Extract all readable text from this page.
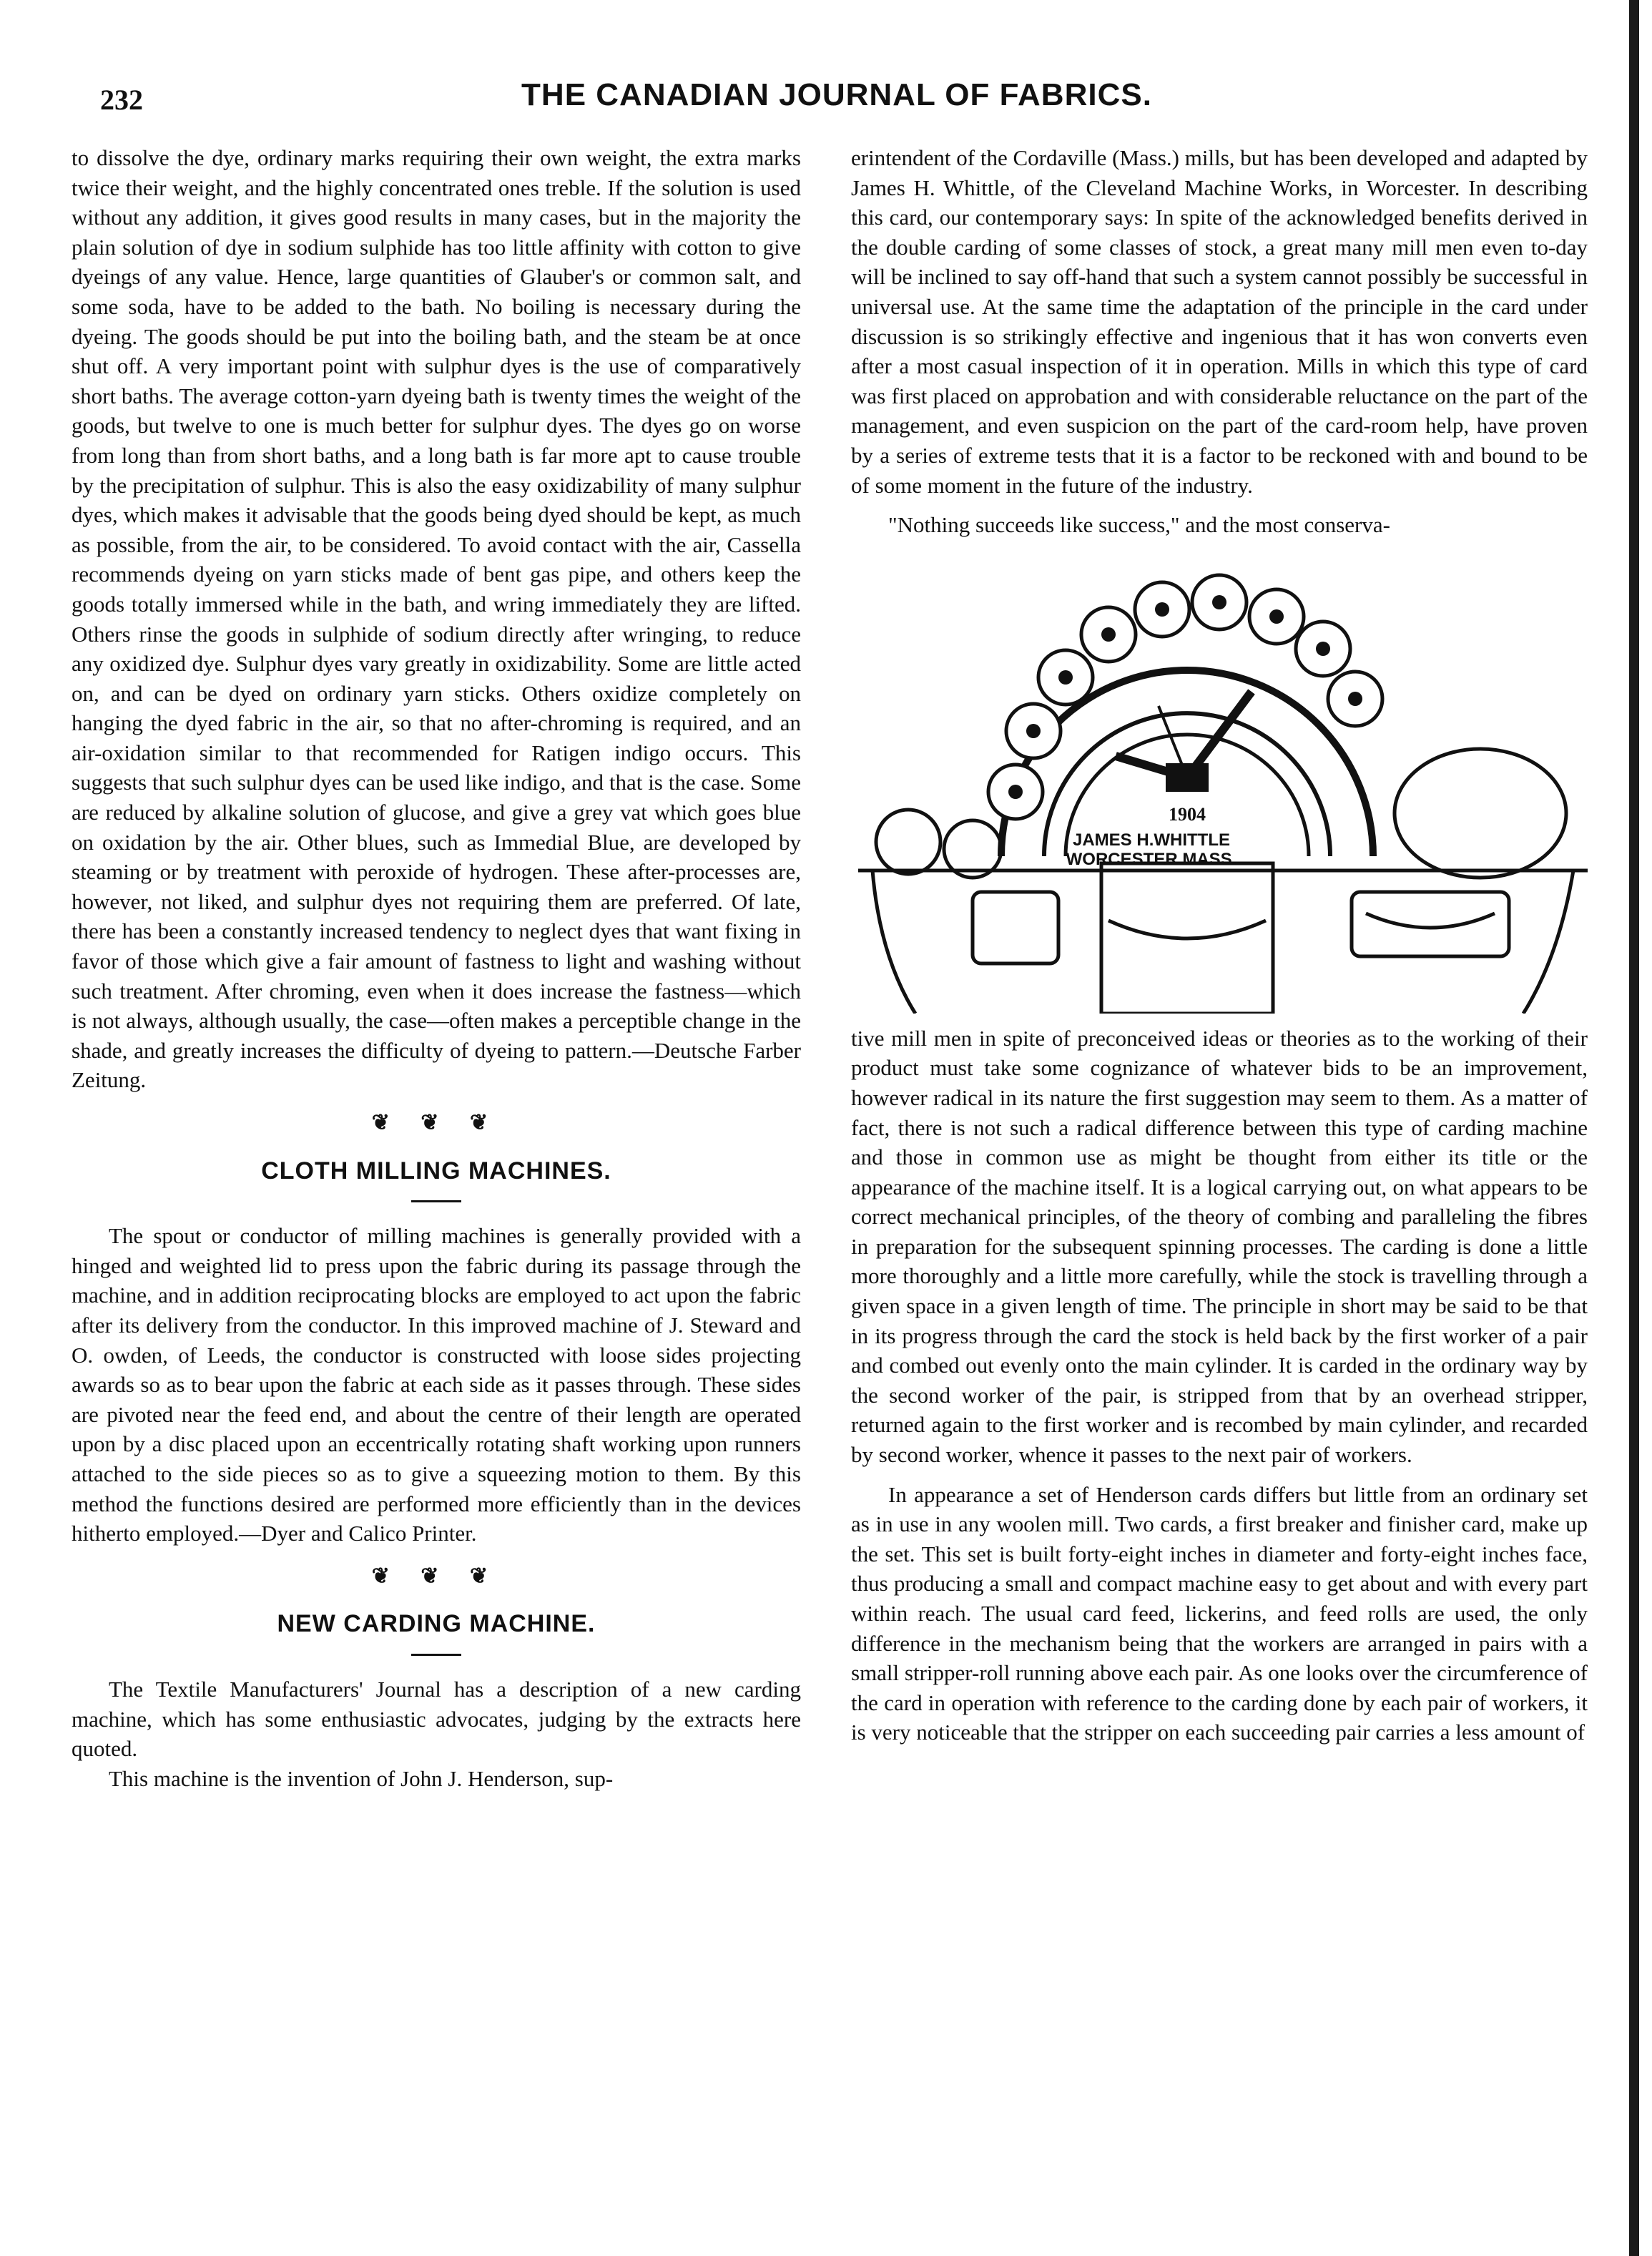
232	THE CANADIAN JOURNAL OF FABRICS.

to dissolve the dye, ordinary marks requiring their own weight, the extra marks twice their weight, and the highly concentrated ones treble. If the solution is used without any addition, it gives good results in many cases, but in the majority the plain solution of dye in sodium sulphide has too little affinity with cotton to give dyeings of any value. Hence, large quantities of Glauber's or common salt, and some soda, have to be added to the bath. No boiling is necessary during the dyeing. The goods should be put into the boiling bath, and the steam be at once shut off. A very important point with sulphur dyes is the use of comparatively short baths. The average cotton-yarn dyeing bath is twenty times the weight of the goods, but twelve to one is much better for sulphur dyes. The dyes go on worse from long than from short baths, and a long bath is far more apt to cause trouble by the precipitation of sulphur. This is also the easy oxidizability of many sulphur dyes, which makes it advisable that the goods being dyed should be kept, as much as possible, from the air, to be considered. To avoid contact with the air, Cassella recommends dyeing on yarn sticks made of bent gas pipe, and others keep the goods totally immersed while in the bath, and wring immediately they are lifted. Others rinse the goods in sulphide of sodium directly after wringing, to reduce any oxidized dye. Sulphur dyes vary greatly in oxidizability. Some are little acted on, and can be dyed on ordinary yarn sticks. Others oxidize completely on hanging the dyed fabric in the air, so that no after-chroming is required, and an air-oxidation similar to that recommended for Ratigen indigo occurs. This suggests that such sulphur dyes can be used like indigo, and that is the case. Some are reduced by alkaline solution of glucose, and give a grey vat which goes blue on oxidation by the air. Other blues, such as Immedial Blue, are developed by steaming or by treatment with peroxide of hydrogen. These after-processes are, however, not liked, and sulphur dyes not requiring them are preferred. Of late, there has been a constantly increased tendency to neglect dyes that want fixing in favor of those which give a fair amount of fastness to light and washing without such treatment. After chroming, even when it does increase the fastness—which is not always, although usually, the case—often makes a perceptible change in the shade, and greatly increases the difficulty of dyeing to pattern.—Deutsche Farber Zeitung.

❦ ❦ ❦
CLOTH MILLING MACHINES.

The spout or conductor of milling machines is generally provided with a hinged and weighted lid to press upon the fabric during its passage through the machine, and in addition reciprocating blocks are employed to act upon the fabric after its delivery from the conductor. In this improved machine of J. Steward and O. owden, of Leeds, the conductor is constructed with loose sides projecting awards so as to bear upon the fabric at each side as it passes through. These sides are pivoted near the feed end, and about the centre of their length are operated upon by a disc placed upon an eccentrically rotating shaft working upon runners attached to the side pieces so as to give a squeezing motion to them. By this method the functions desired are performed more efficiently than in the devices hitherto employed.—Dyer and Calico Printer.

❦ ❦ ❦
NEW CARDING MACHINE.

The Textile Manufacturers' Journal has a description of a new carding machine, which has some enthusiastic advocates, judging by the extracts here quoted.

This machine is the invention of John J. Henderson, sup-

erintendent of the Cordaville (Mass.) mills, but has been developed and adapted by James H. Whittle, of the Cleveland Machine Works, in Worcester. In describing this card, our contemporary says: In spite of the acknowledged benefits derived in the double carding of some classes of stock, a great many mill men even to-day will be inclined to say off-hand that such a system cannot possibly be successful in universal use. At the same time the adaptation of the principle in the card under discussion is so strikingly effective and ingenious that it has won converts even after a most casual inspection of it in operation. Mills in which this type of card was first placed on approbation and with considerable reluctance on the part of the management, and even suspicion on the part of the card-room help, have proven by a series of extreme tests that it is a factor to be reckoned with and bound to be of some moment in the future of the industry.

"Nothing succeeds like success," and the most conserva-

1904
JAMES H.WHITTLE
WORCESTER MASS.

tive mill men in spite of preconceived ideas or theories as to the working of their product must take some cognizance of whatever bids to be an improvement, however radical in its nature the first suggestion may seem to them. As a matter of fact, there is not such a radical difference between this type of carding machine and those in common use as might be thought from either its title or the appearance of the machine itself. It is a logical carrying out, on what appears to be correct mechanical principles, of the theory of combing and paralleling the fibres in preparation for the subsequent spinning processes. The carding is done a little more thoroughly and a little more carefully, while the stock is travelling through a given space in a given length of time. The principle in short may be said to be that in its progress through the card the stock is held back by the first worker of a pair and combed out evenly onto the main cylinder. It is carded in the ordinary way by the second worker of the pair, is stripped from that by an overhead stripper, returned again to the first worker and is recombed by main cylinder, and recarded by second worker, whence it passes to the next pair of workers.

In appearance a set of Henderson cards differs but little from an ordinary set as in use in any woolen mill. Two cards, a first breaker and finisher card, make up the set. This set is built forty-eight inches in diameter and forty-eight inches face, thus producing a small and compact machine easy to get about and with every part within reach. The usual card feed, lickerins, and feed rolls are used, the only difference in the mechanism being that the workers are arranged in pairs with a small stripper-roll running above each pair. As one looks over the circumference of the card in operation with reference to the carding done by each pair of workers, it is very noticeable that the stripper on each succeeding pair carries a less amount of
